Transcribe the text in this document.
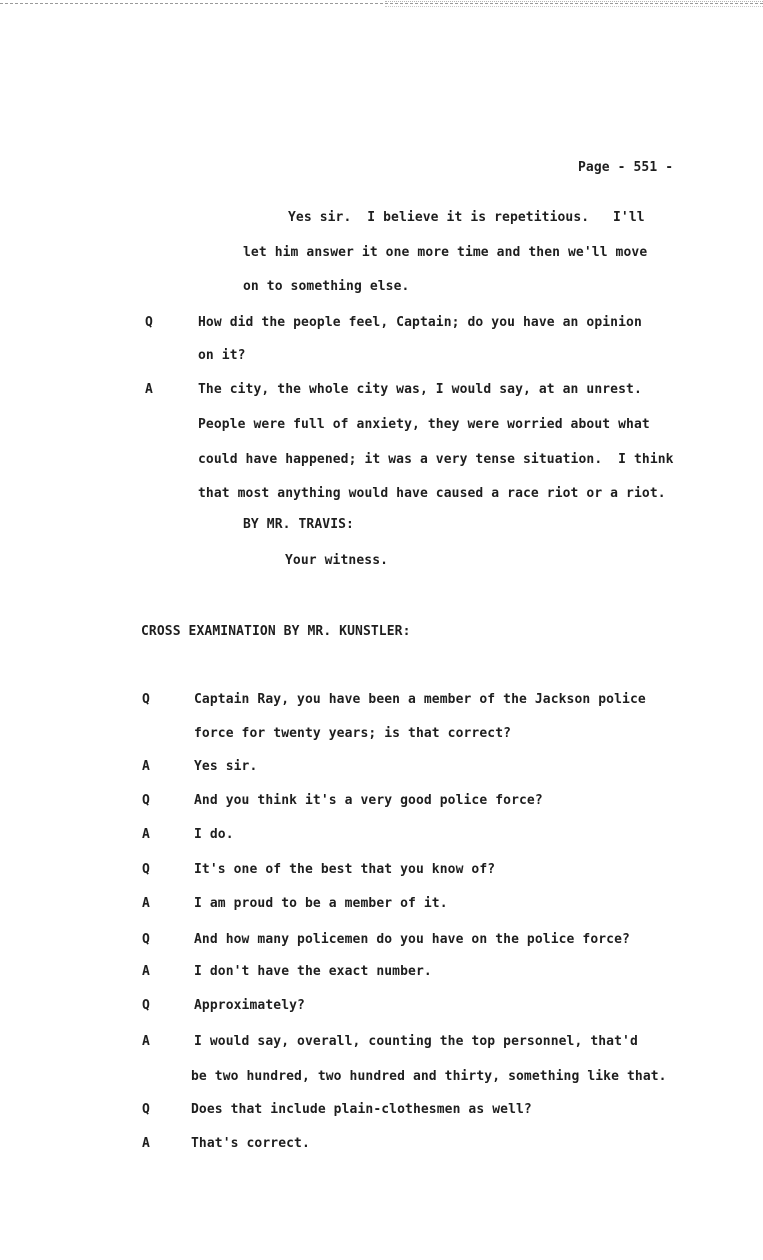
Page - 551 -
Yes sir.  I believe it is repetitious.   I'll
let him answer it one more time and then we'll move
on to something else.
Q	How did the people feel, Captain; do you have an opinion
on it?
A	The city, the whole city was, I would say, at an unrest.
People were full of anxiety, they were worried about what
could have happened; it was a very tense situation.  I think
that most anything would have caused a race riot or a riot.
BY MR. TRAVIS:
Your witness.
CROSS EXAMINATION BY MR. KUNSTLER:
Q	Captain Ray, you have been a member of the Jackson police
force for twenty years; is that correct?
A	Yes sir.
Q	And you think it's a very good police force?
A	I do.
Q	It's one of the best that you know of?
A	I am proud to be a member of it.
Q	And how many policemen do you have on the police force?
A	I don't have the exact number.
Q	Approximately?
A	I would say, overall, counting the top personnel, that'd
be two hundred, two hundred and thirty, something like that.
Q	Does that include plain-clothesmen as well?
A	That's correct.
